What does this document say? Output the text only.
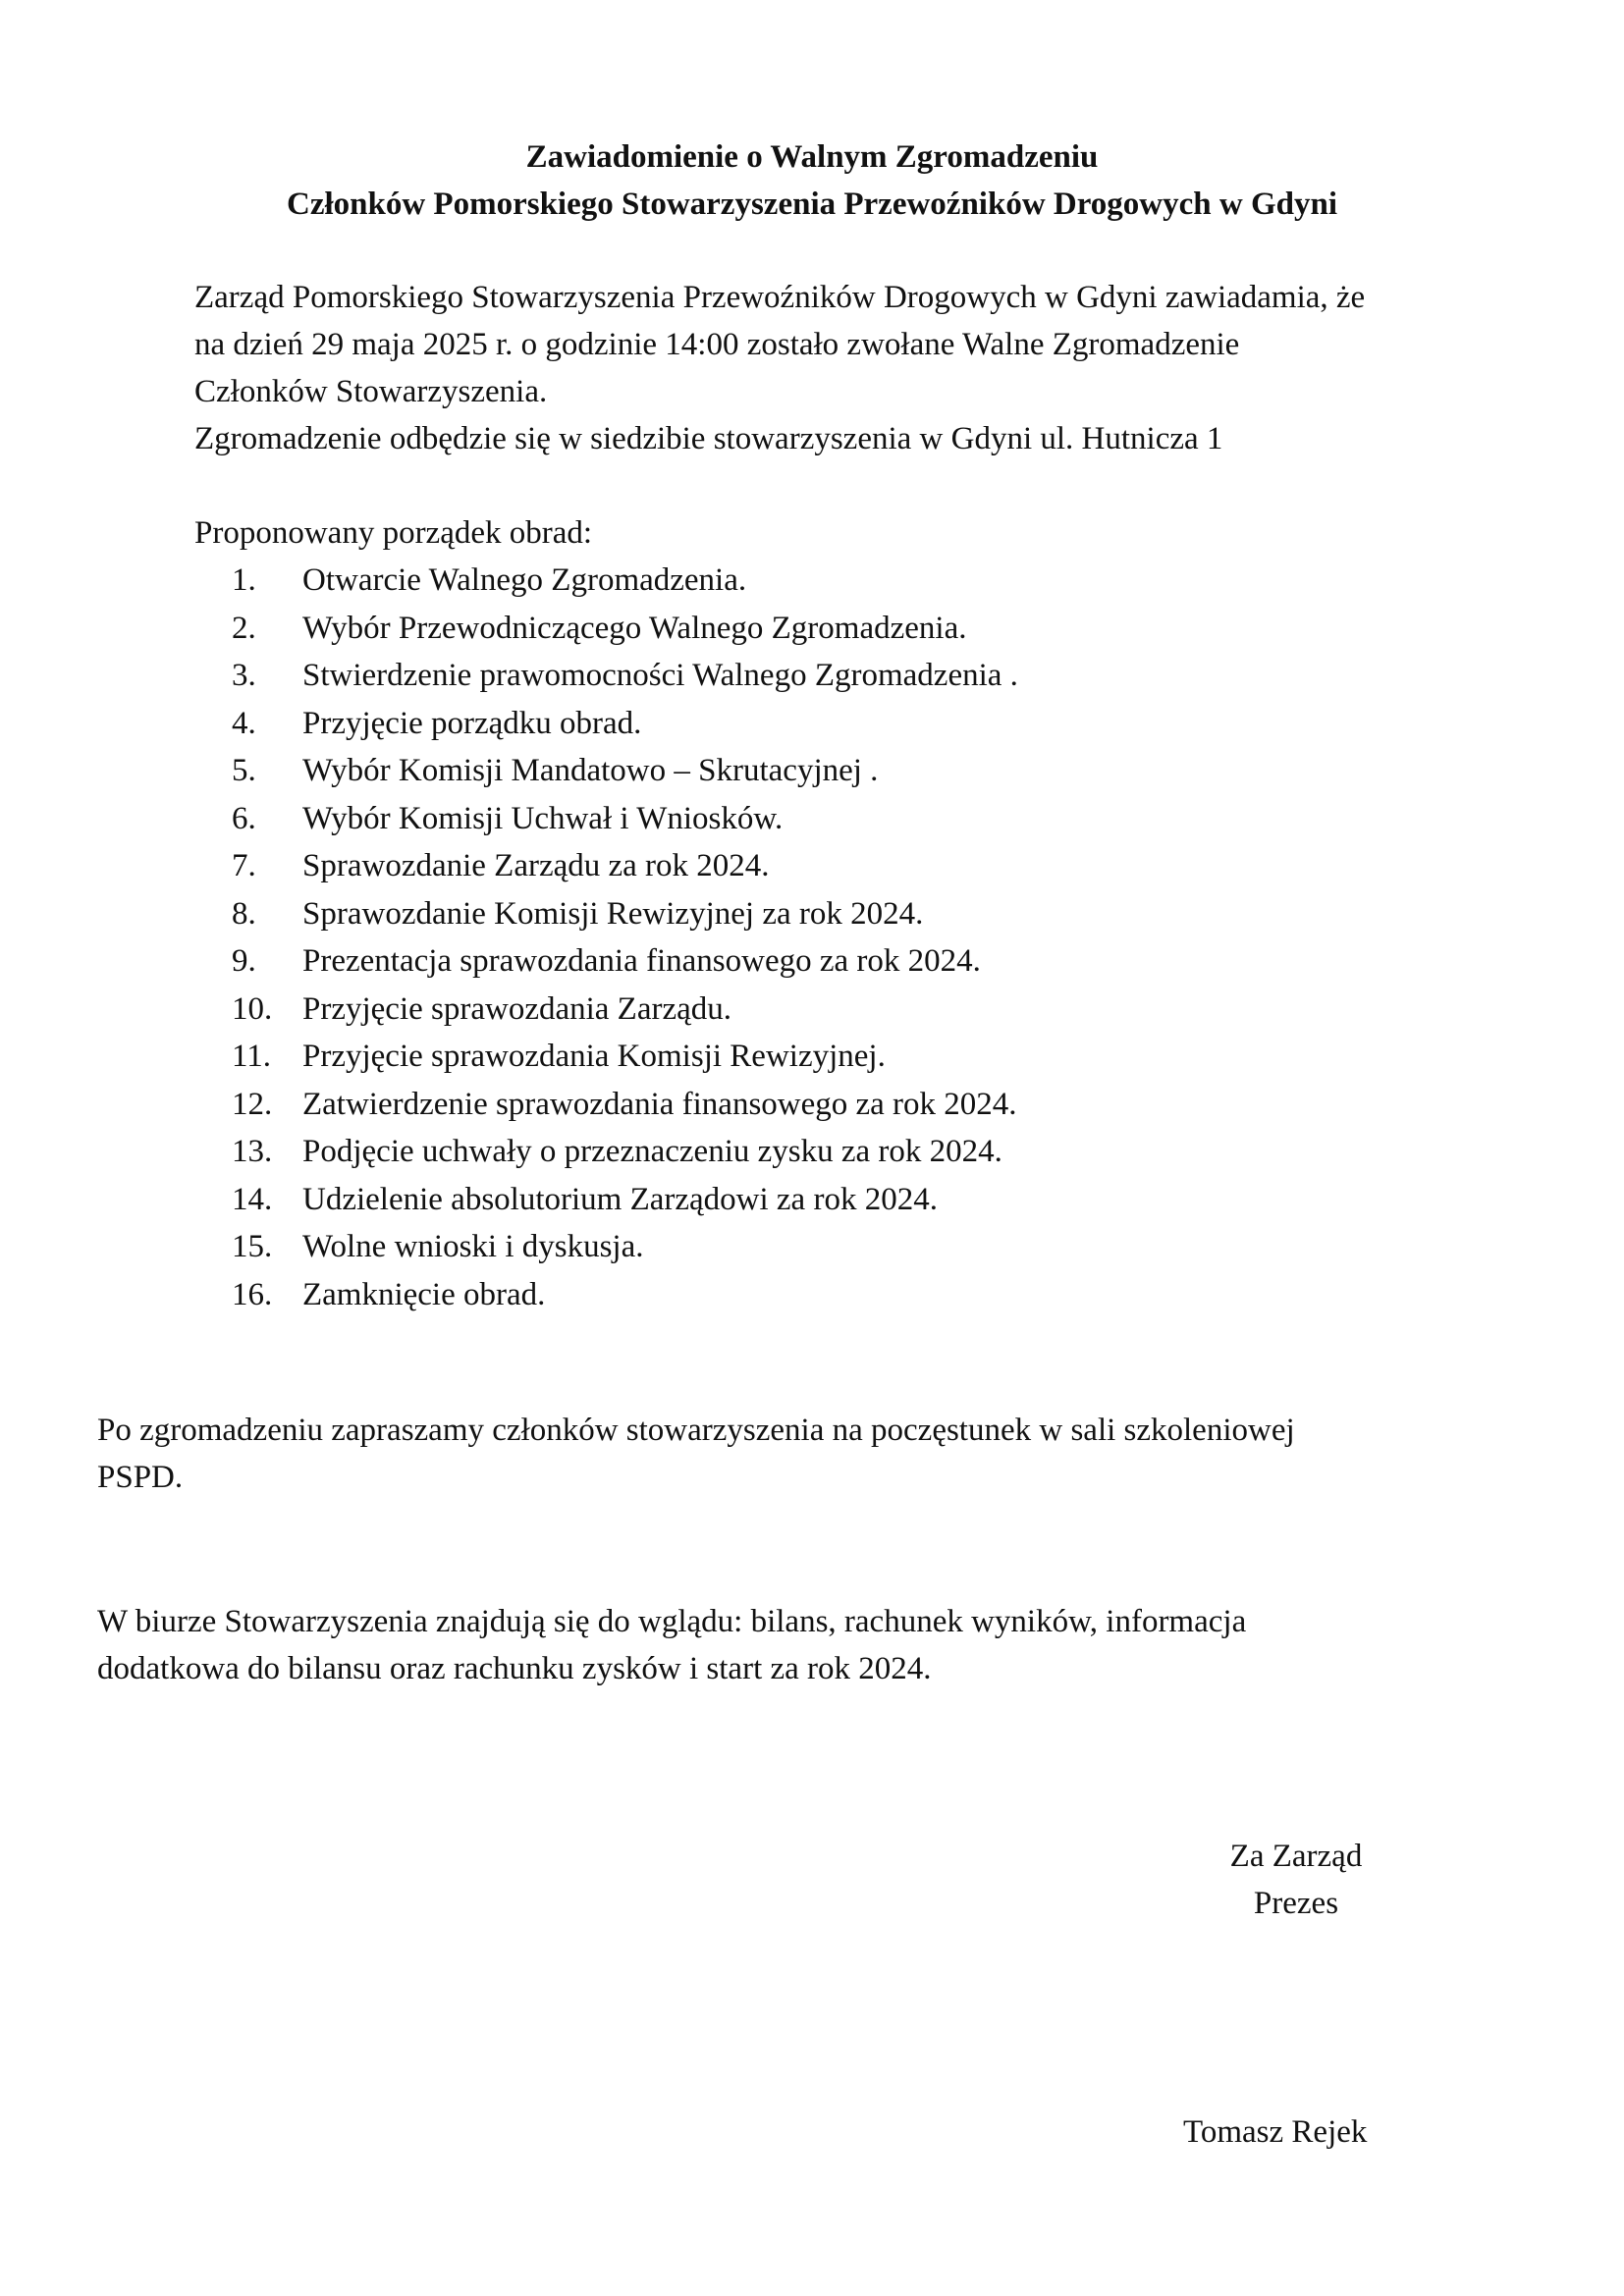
Zawiadomienie o Walnym Zgromadzeniu
Członków Pomorskiego Stowarzyszenia Przewoźników Drogowych w Gdyni
Zarząd Pomorskiego Stowarzyszenia Przewoźników Drogowych w Gdyni zawiadamia, że
na dzień 29 maja 2025 r. o godzinie 14:00 zostało zwołane Walne Zgromadzenie
Członków Stowarzyszenia.
Zgromadzenie odbędzie się w siedzibie stowarzyszenia w Gdyni ul. Hutnicza 1
Proponowany porządek obrad:
1. Otwarcie Walnego Zgromadzenia.
2. Wybór Przewodniczącego Walnego Zgromadzenia.
3. Stwierdzenie prawomocności Walnego Zgromadzenia .
4. Przyjęcie porządku obrad.
5. Wybór Komisji Mandatowo – Skrutacyjnej .
6. Wybór Komisji Uchwał i Wniosków.
7. Sprawozdanie Zarządu za rok 2024.
8. Sprawozdanie Komisji Rewizyjnej za rok 2024.
9. Prezentacja sprawozdania finansowego za rok 2024.
10. Przyjęcie sprawozdania Zarządu.
11. Przyjęcie sprawozdania Komisji Rewizyjnej.
12. Zatwierdzenie sprawozdania finansowego za rok 2024.
13. Podjęcie uchwały o przeznaczeniu zysku za rok 2024.
14. Udzielenie absolutorium Zarządowi za rok 2024.
15. Wolne wnioski i dyskusja.
16. Zamknięcie obrad.
Po zgromadzeniu zapraszamy członków stowarzyszenia na poczęstunek w sali szkoleniowej
PSPD.
W biurze Stowarzyszenia znajdują się do wglądu: bilans, rachunek wyników, informacja
dodatkowa do bilansu oraz rachunku zysków i start za rok 2024.
Za Zarząd
Prezes
Tomasz Rejek
